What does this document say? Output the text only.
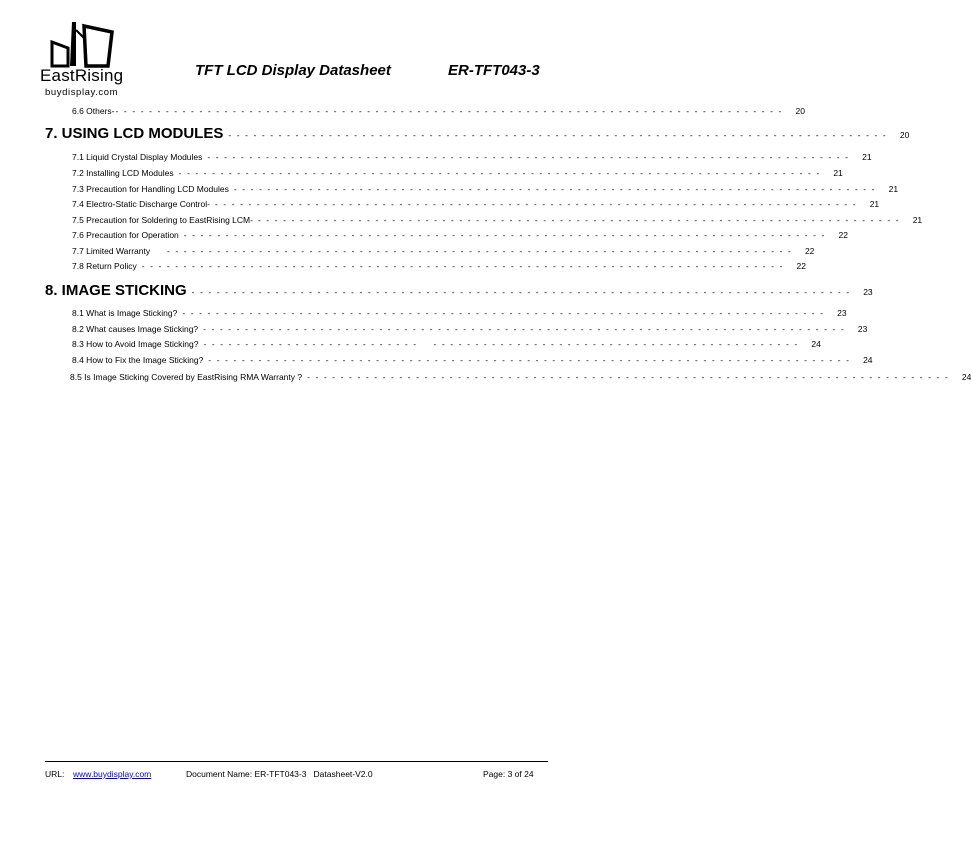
EastRising
buydisplay.com
TFT LCD Display Datasheet	ER-TFT043-3
6.6 Others- - - - - - - - - - - - - - - - - - - - - - - - - - - - - - - - - - - - - - - - - - - - - - - - - - - - - - - - - - - - - - - - - - - - - - - - - - - - - - - - -	20
7. USING LCD MODULES - - - - - - - - - - - - - - - - - - - - - - - - - - - - - - - - - - - - - - - - - - - - - - - - - - - - - - - - - - - - - - - - - - - - - - - - - - - - - - -	20
7.1 Liquid Crystal Display Modules - - - - - - - - - - - - - - - - - - - - - - - - - - - - - - - - - - - - - - - - - - - - - - - - - - - - - - - - - - - - - - - - - - - - - - - - - - - - -	21
7.2 Installing LCD Modules - - - - - - - - - - - - - - - - - - - - - - - - - - - - - - - - - - - - - - - - - - - - - - - - - - - - - - - - - - - - - - - - - - - - - - - - - - - - -	21
7.3 Precaution for Handling LCD Modules - - - - - - - - - - - - - - - - - - - - - - - - - - - - - - - - - - - - - - - - - - - - - - - - - - - - - - - - - - - - - - - - - - - - - - - - - - - - -	21
7.4 Electro-Static Discharge Control- - - - - - - - - - - - - - - - - - - - - - - - - - - - - - - - - - - - - - - - - - - - - - - - - - - - - - - - - - - - - - - - - - - - - - - - - - - - - -	21
7.5 Precaution for Soldering to EastRising LCM- - - - - - - - - - - - - - - - - - - - - - - - - - - - - - - - - - - - - - - - - - - - - - - - - - - - - - - - - - - - - - - - - - - - - - - - - - - - - -	21
7.6 Precaution for Operation - - - - - - - - - - - - - - - - - - - - - - - - - - - - - - - - - - - - - - - - - - - - - - - - - - - - - - - - - - - - - - - - - - - - - - - - - - - - -	22
7.7 Limited Warranty - - - - - - - - - - - - - - - - - - - - - - - - - - - - - - - - - - - - - - - - - - - - - - - - - - - - - - - - - - - - - - - - - - - - - - - - - - -	22
7.8 Return Policy - - - - - - - - - - - - - - - - - - - - - - - - - - - - - - - - - - - - - - - - - - - - - - - - - - - - - - - - - - - - - - - - - - - - - - - - - - - - -	22
8. IMAGE STICKING - - - - - - - - - - - - - - - - - - - - - - - - - - - - - - - - - - - - - - - - - - - - - - - - - - - - - - - - - - - - - - - - - - - - - - - - - - - - - - -	23
8.1 What is Image Sticking? - - - - - - - - - - - - - - - - - - - - - - - - - - - - - - - - - - - - - - - - - - - - - - - - - - - - - - - - - - - - - - - - - - - - - - - - - - - - -	23
8.2 What causes Image Sticking? - - - - - - - - - - - - - - - - - - - - - - - - - - - - - - - - - - - - - - - - - - - - - - - - - - - - - - - - - - - - - - - - - - - - - - - - - - - - -	23
8.3 How to Avoid Image Sticking? - - - - - - - - - - - - - - - - - - - - - - - - - -    - - - - - - - - - - - - - - - - - - - - - - - - - - - - - - - - - - - - - - - - - - - -	24
8.4 How to Fix the Image Sticking? - - - - - - - - - - - - - - - - - - - - - - - - - - - - - - - - - - - - - - - - - - - - - - - - - - - - - - - - - - - - - - - - - - - - - - - - - - - - -	24
8.5 Is Image Sticking Covered by EastRising RMA Warranty ? - - - - - - - - - - - - - - - - - - - - - - - - - - - - - - - - - - - - - - - - - - - - - - - - - - - - - - - - - - - - - - - - - - - - - - - - - - - - -	24
URL: www.buydisplay.com	Document Name: ER-TFT043-3   Datasheet-V2.0	Page: 3 of 24
